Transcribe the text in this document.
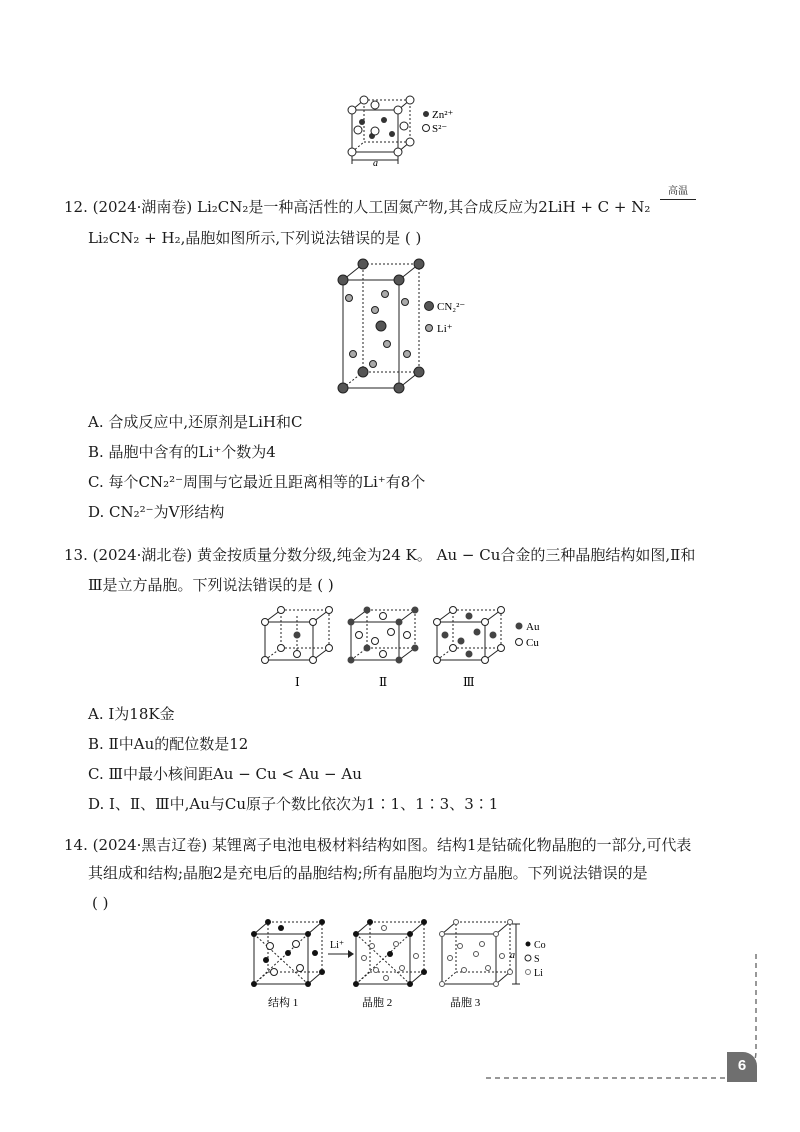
Zn²⁺
S²⁻
a
12. (2024·湖南卷) Li₂CN₂是一种高活性的人工固氮产物,其合成反应为2LiH + C + N₂
高温
Li₂CN₂ + H₂,晶胞如图所示,下列说法错误的是 ( )
CN₂²⁻
Li⁺
A. 合成反应中,还原剂是LiH和C
B. 晶胞中含有的Li⁺个数为4
C. 每个CN₂²⁻周围与它最近且距离相等的Li⁺有8个
D. CN₂²⁻为V形结构
13. (2024·湖北卷) 黄金按质量分数分级,纯金为24 K。 Au − Cu合金的三种晶胞结构如图,Ⅱ和
Ⅲ是立方晶胞。下列说法错误的是 ( )
Au
Cu
Ⅰ	Ⅱ	Ⅲ
A. Ⅰ为18K金
B. Ⅱ中Au的配位数是12
C. Ⅲ中最小核间距Au − Cu < Au − Au
D. Ⅰ、Ⅱ、Ⅲ中,Au与Cu原子个数比依次为1∶1、1∶3、3∶1
14. (2024·黑吉辽卷) 某锂离子电池电极材料结构如图。结构1是钴硫化物晶胞的一部分,可代表
其组成和结构;晶胞2是充电后的晶胞结构;所有晶胞均为立方晶胞。下列说法错误的是
( )
Li⁺
a
Co
S
Li
结构 1	晶胞 2	晶胞 3
6
